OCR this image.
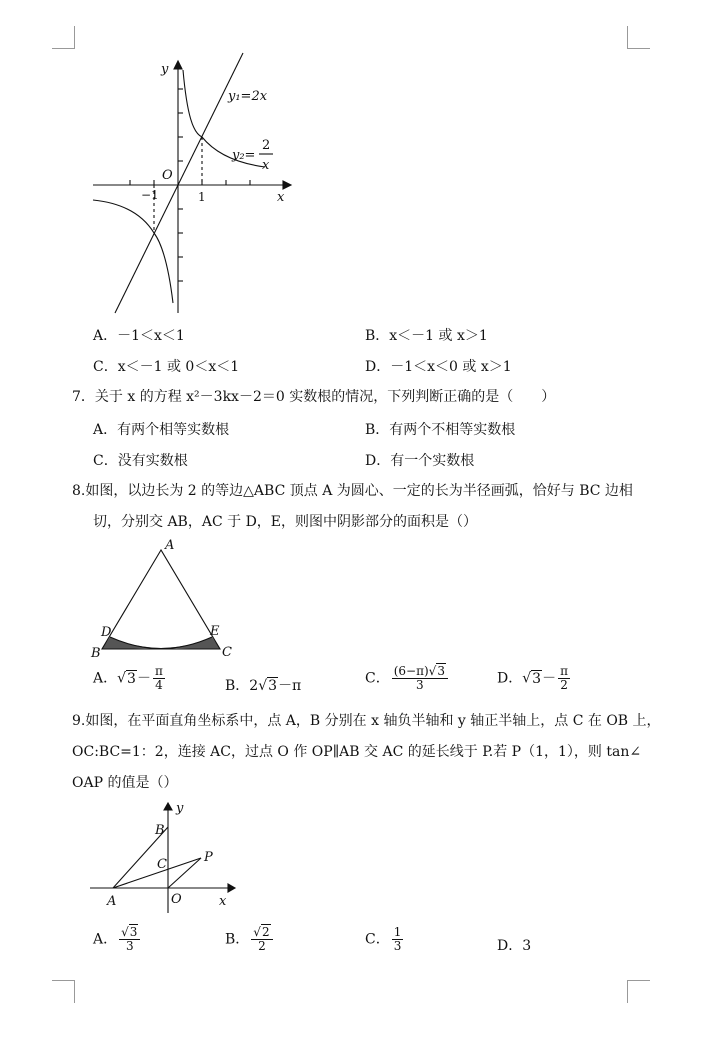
y
x
O
y₁=2x
y₂=
2
x
−1	1
A．－1＜x＜1	B．x＜－1 或 x＞1
C．x＜－1 或 0＜x＜1	D．－1＜x＜0 或 x＞1
7．关于 x 的方程 x²－3kx－2＝0 实数根的情况，下列判断正确的是（　　）
A．有两个相等实数根	B．有两个不相等实数根
C．没有实数根	D．有一个实数根
8.如图，以边长为 2 的等边△ABC 顶点 A 为圆心、一定的长为半径画弧，恰好与 BC 边相
切，分别交 AB，AC 于 D，E，则图中阴影部分的面积是（）
A
B	C
D	E
A．$√3- \frac{\pi}{4}$	B．2√3－π	C． $\frac{(6-\pi)√3}{3}$	D．$√3- \frac{\pi}{2}$
9.如图，在平面直角坐标系中，点 A，B 分别在 x 轴负半轴和 y 轴正半轴上，点 C 在 OB 上，
OC:BC=1：2，连接 AC，过点 O 作 OP∥AB 交 AC 的延长线于 P.若 P（1，1），则 tan∠
OAP 的值是（）
y
x
A
B
C
O
P
A． $\frac{√3}{3}$	B． $\frac{√2}{2}$	C． $\frac{1}{3}$	D．3
